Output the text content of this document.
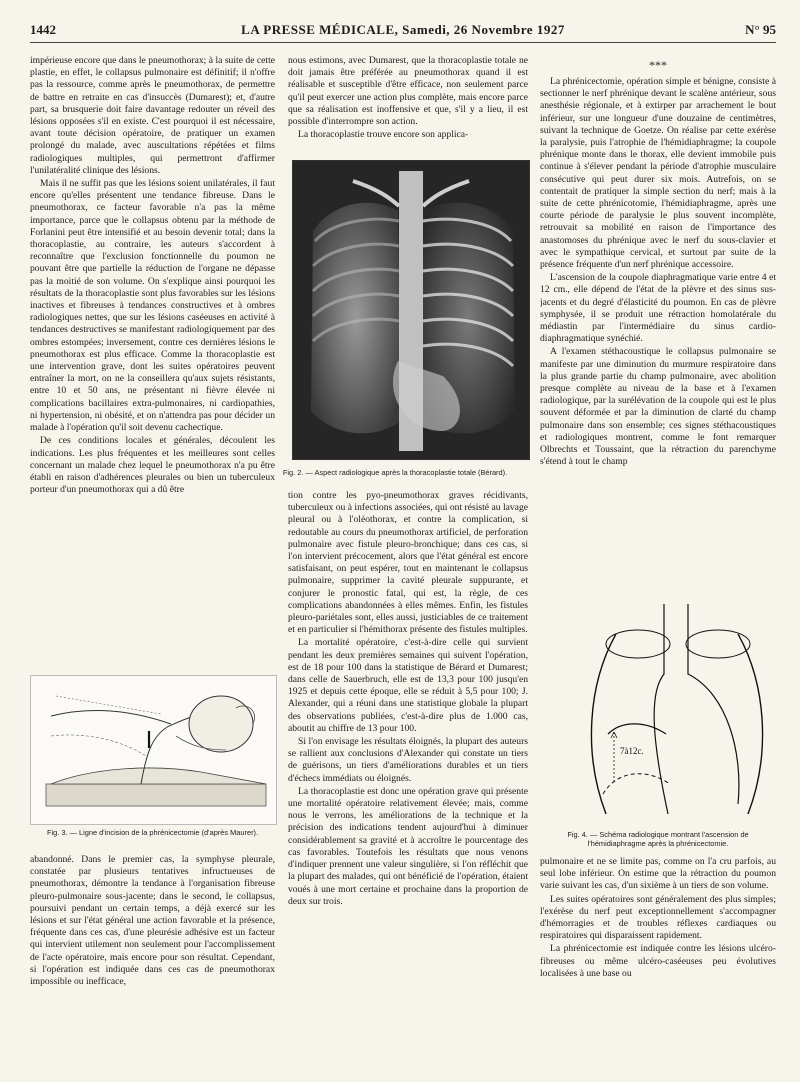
1442	LA PRESSE MÉDICALE, Samedi, 26 Novembre 1927	N° 95

impérieuse encore que dans le pneumothorax; à la suite de cette plastie, en effet, le collapsus pulmonaire est définitif; il n'offre pas la ressource, comme après le pneumothorax, de permettre de battre en retraite en cas d'insuccès (Dumarest); et, d'autre part, sa brusquerie doit faire davantage redouter un réveil des lésions opposées s'il en existe. C'est pourquoi il est nécessaire, avant toute décision opératoire, de pratiquer un examen prolongé du malade, avec auscultations répétées et films radiologiques multiples, qui permettront d'affirmer l'unilatéralité clinique des lésions.

Mais il ne suffit pas que les lésions soient unilatérales, il faut encore qu'elles présentent une tendance fibreuse. Dans le pneumothorax, ce facteur favorable n'a pas la même importance, parce que le collapsus obtenu par la méthode de Forlanini peut être intensifié et au besoin devenir total; dans la thoracoplastie, au contraire, les auteurs s'accordent à reconnaître que l'exclusion fonctionnelle du poumon ne pouvant être que partielle la réduction de l'organe ne dépasse pas la moitié de son volume. On s'explique ainsi pourquoi les résultats de la thoracoplastie sont plus favorables sur les lésions inactives et fibreuses à tendances constructives et à ombres radiologiques nettes, que sur les lésions caséeuses en activité à tendances destructives se manifestant radiologiquement par des ombres estompées; inversement, contre ces dernières lésions le pneumothorax est plus efficace. Comme la thoracoplastie est une intervention grave, dont les suites opératoires peuvent entraîner la mort, on ne la conseillera qu'aux sujets résistants, entre 10 et 50 ans, ne présentant ni fièvre élevée ni complications bacillaires extra-pulmonaires, ni cardiopathies, ni hypertension, ni obésité, et on n'attendra pas pour décider un malade à l'opération qu'il soit devenu cachectique.

De ces conditions locales et générales, découlent les indications. Les plus fréquentes et les meilleures sont celles concernant un malade chez lequel le pneumothorax n'a pu être établi en raison d'adhérences pleurales ou bien un tuberculeux porteur d'un pneumothorax qui a dû être

Fig. 3. — Ligne d'incision de la phrénicectomie (d'après Maurer).

abandonné. Dans le premier cas, la symphyse pleurale, constatée par plusieurs tentatives infructueuses de pneumothorax, démontre la tendance à l'organisation fibreuse pleuro-pulmonaire sous-jacente; dans le second, le collapsus, poursuivi pendant un certain temps, a déjà exercé sur les lésions et sur l'état général une action favorable et la présence, fréquente dans ces cas, d'une pleurésie adhésive est un facteur qui intervient utilement non seulement pour l'accomplissement de l'acte opératoire, mais encore pour son résultat. Cependant, si l'opération est indiquée dans ces cas de pneumothorax impossible ou inefficace,

nous estimons, avec Dumarest, que la thoracoplastie totale ne doit jamais être préférée au pneumothorax quand il est réalisable et susceptible d'être efficace, non seulement parce qu'il peut exercer une action plus complète, mais encore parce que sa réalisation est inoffensive et que, s'il y a lieu, il est possible d'interrompre son action.

La thoracoplastie trouve encore son applica-

Fig. 2. — Aspect radiologique après la thoracoplastie totale (Bérard).

tion contre les pyo-pneumothorax graves récidivants, tuberculeux ou à infections associées, qui ont résisté au lavage pleural ou à l'oléothorax, et contre la complication, si redoutable au cours du pneumothorax artificiel, de perforation pulmonaire avec fistule pleuro-bronchique; dans ces cas, si l'on intervient précocement, alors que l'état général est encore satisfaisant, on peut espérer, tout en maintenant le collapsus pulmonaire, supprimer la cavité pleurale suppurante, et conjurer le pronostic fatal, qui est, la règle, de ces complications abandonnées à elles mêmes. Enfin, les fistules pleuro-pariétales sont, elles aussi, justiciables de ce traitement et en particulier si l'hémithorax présente des fistules multiples.

La mortalité opératoire, c'est-à-dire celle qui survient pendant les deux premières semaines qui suivent l'opération, est de 18 pour 100 dans la statistique de Bérard et Dumarest; dans celle de Sauerbruch, elle est de 13,3 pour 100 jusqu'en 1925 et depuis cette époque, elle se réduit à 5,5 pour 100; J. Alexander, qui a réuni dans une statistique globale la plupart des observations publiées, c'est-à-dire plus de 1.000 cas, aboutit au chiffre de 13 pour 100.

Si l'on envisage les résultats éloignés, la plupart des auteurs se rallient aux conclusions d'Alexander qui constate un tiers de guérisons, un tiers d'améliorations durables et un tiers d'échecs immédiats ou éloignés.

La thoracoplastie est donc une opération grave qui présente une mortalité opératoire relativement élevée; mais, comme nous le verrons, les améliorations de la technique et la précision des indications tendent aujourd'hui à diminuer considérablement sa gravité et à accroître le pourcentage des cas favorables. Toutefois les résultats que nous venons d'indiquer prennent une valeur singulière, si l'on réfléchit que la plupart des malades, qui ont bénéficié de l'opération, étaient voués à une mort certaine et prochaine dans la proportion de deux sur trois.

***

La phrénicectomie, opération simple et bénigne, consiste à sectionner le nerf phrénique devant le scalène antérieur, sous anesthésie régionale, et à extirper par arrachement le bout inférieur, sur une longueur d'une douzaine de centimètres, suivant la technique de Goetze. On réalise par cette exérèse la paralysie, puis l'atrophie de l'hémidiaphragme; la coupole phrénique monte dans le thorax, elle devient immobile puis continue à s'élever pendant la période d'atrophie musculaire consécutive qui peut durer six mois. Autrefois, on se contentait de pratiquer la simple section du nerf; mais à la suite de cette phrénicotomie, l'hémidiaphragme, après une courte période de paralysie le plus souvent incomplète, retrouvait sa mobilité en raison de l'importance des anastomoses du phrénique avec le nerf du sous-clavier et avec le sympathique cervical, et surtout par suite de la présence fréquente d'un nerf phrénique accessoire.

L'ascension de la coupole diaphragmatique varie entre 4 et 12 cm., elle dépend de l'état de la plèvre et des sinus sus-jacents et du degré d'élasticité du poumon. En cas de plèvre symphysée, il se produit une rétraction homolatérale du médiastin par l'intermédiaire du sinus cardio-diaphragmatique synéchié.

A l'examen stéthacoustique le collapsus pulmonaire se manifeste par une diminution du murmure respiratoire dans la plus grande partie du champ pulmonaire, avec abolition presque complète au niveau de la base et à l'examen radiologique, par la surélévation de la coupole qui est le plus souvent déformée et par la diminution de clarté du champ pulmonaire dans son ensemble; ces signes stéthacoustiques et radiologiques montrent, comme le font remarquer Olbrechts et Toussaint, que la rétraction du parenchyme s'étend à tout le champ

7à12c.
Fig. 4. — Schéma radiologique montrant l'ascension de l'hémidiaphragme après la phrénicectomie.

pulmonaire et ne se limite pas, comme on l'a cru parfois, au seul lobe inférieur. On estime que la rétraction du poumon varie suivant les cas, d'un sixième à un tiers de son volume.

Les suites opératoires sont généralement des plus simples; l'exérèse du nerf peut exceptionnellement s'accompagner d'hémorragies et de troubles réflexes cardiaques ou respiratoires qui disparaissent rapidement.

La phrénicectomie est indiquée contre les lésions ulcéro-fibreuses ou même ulcéro-caséeuses peu évolutives localisées à une base ou
